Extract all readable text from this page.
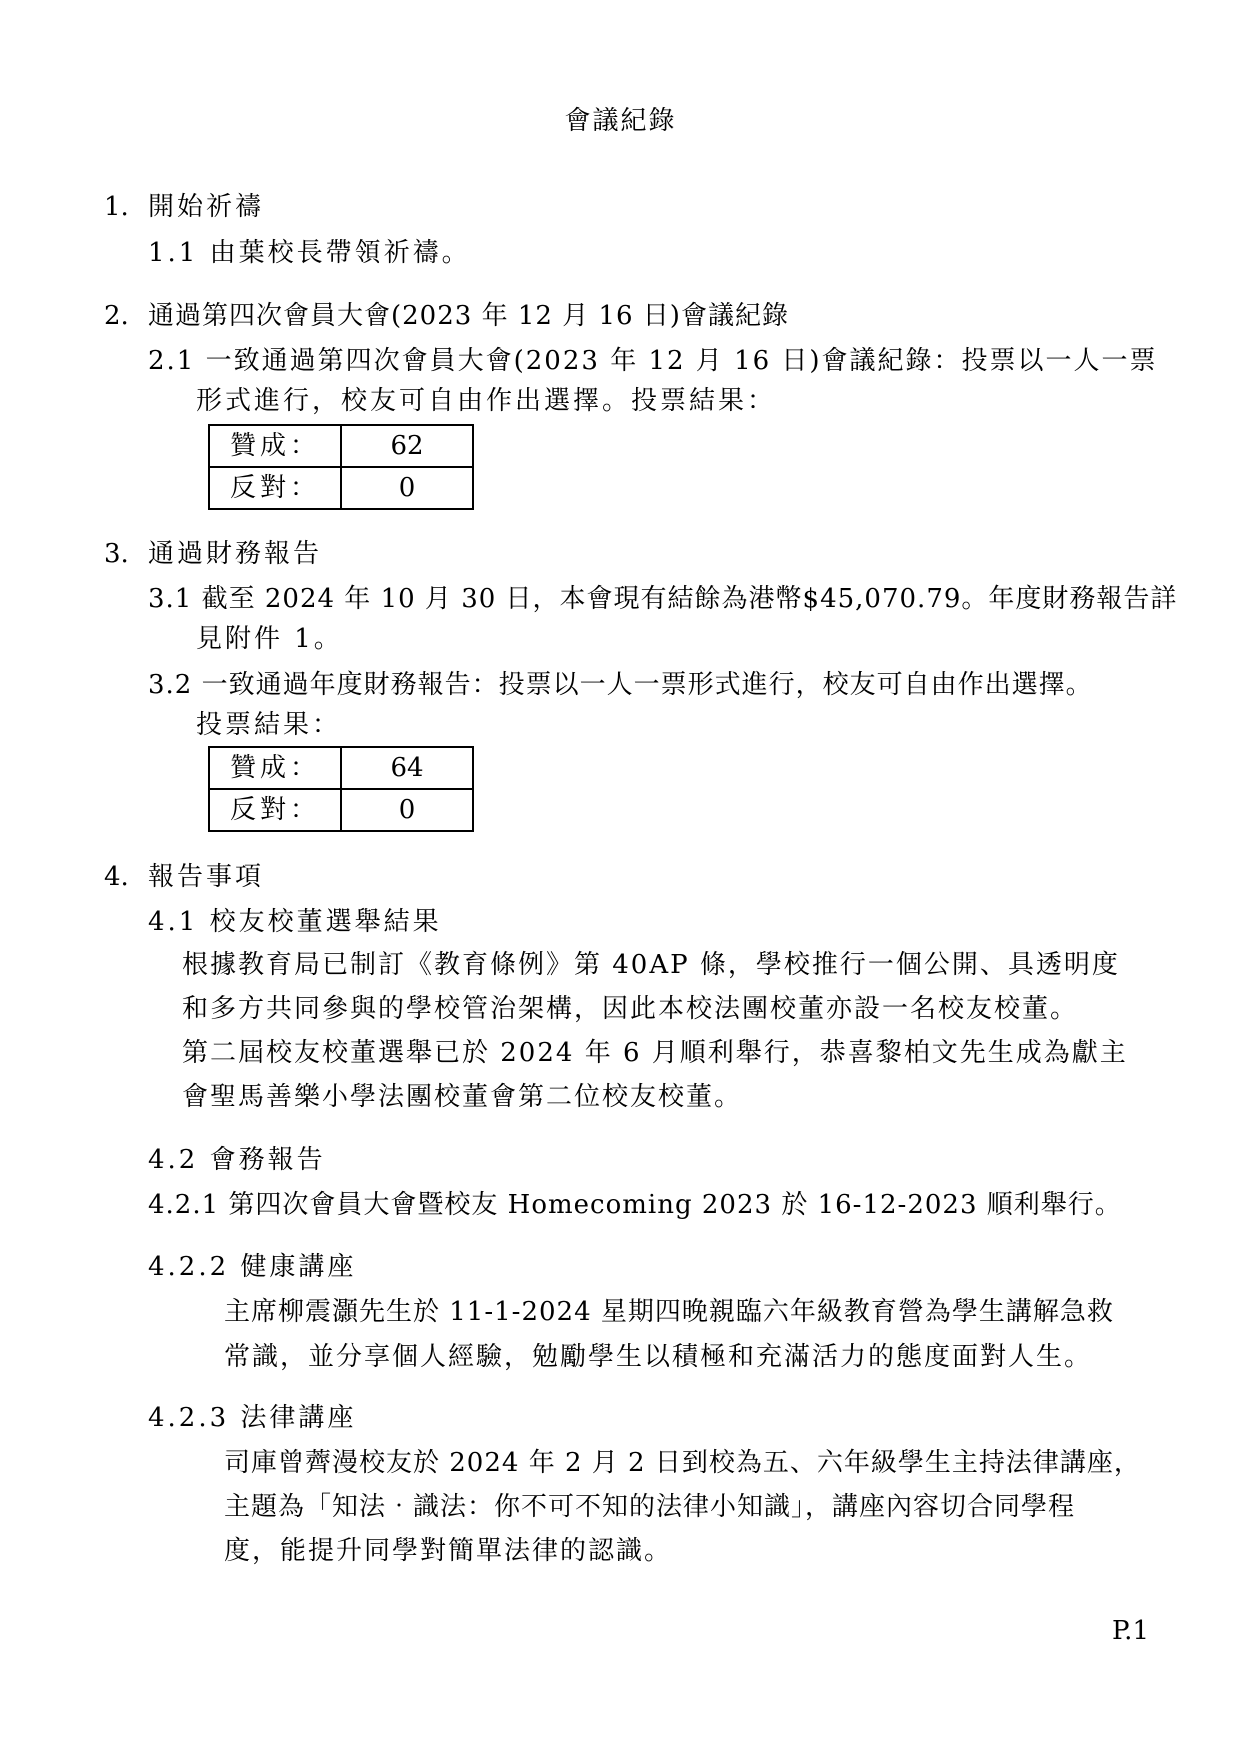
會議紀錄
1. 開始祈禱
1.1 由葉校長帶領祈禱。
2. 通過第四次會員大會(2023 年 12 月 16 日)會議紀錄
2.1 一致通過第四次會員大會(2023 年 12 月 16 日)會議紀錄：投票以一人一票
形式進行，校友可自由作出選擇。投票結果：
贊成：	62
反對：	0
3. 通過財務報告
3.1 截至 2024 年 10 月 30 日，本會現有結餘為港幣$45,070.79。年度財務報告詳
見附件 1。
3.2 一致通過年度財務報告：投票以一人一票形式進行，校友可自由作出選擇。
投票結果：
贊成：	64
反對：	0
4. 報告事項
4.1 校友校董選舉結果
根據教育局已制訂《教育條例》第 40AP 條，學校推行一個公開、具透明度
和多方共同參與的學校管治架構，因此本校法團校董亦設一名校友校董。
第二屆校友校董選舉已於 2024 年 6 月順利舉行，恭喜黎柏文先生成為獻主
會聖馬善樂小學法團校董會第二位校友校董。
4.2 會務報告
4.2.1 第四次會員大會暨校友 Homecoming 2023 於 16-12-2023 順利舉行。
4.2.2 健康講座
主席柳震灝先生於 11-1-2024 星期四晚親臨六年級教育營為學生講解急救
常識，並分享個人經驗，勉勵學生以積極和充滿活力的態度面對人生。
4.2.3 法律講座
司庫曾薺漫校友於 2024 年 2 月 2 日到校為五、六年級學生主持法律講座，
主題為「知法‧識法：你不可不知的法律小知識」，講座內容切合同學程
度，能提升同學對簡單法律的認識。
P.1
